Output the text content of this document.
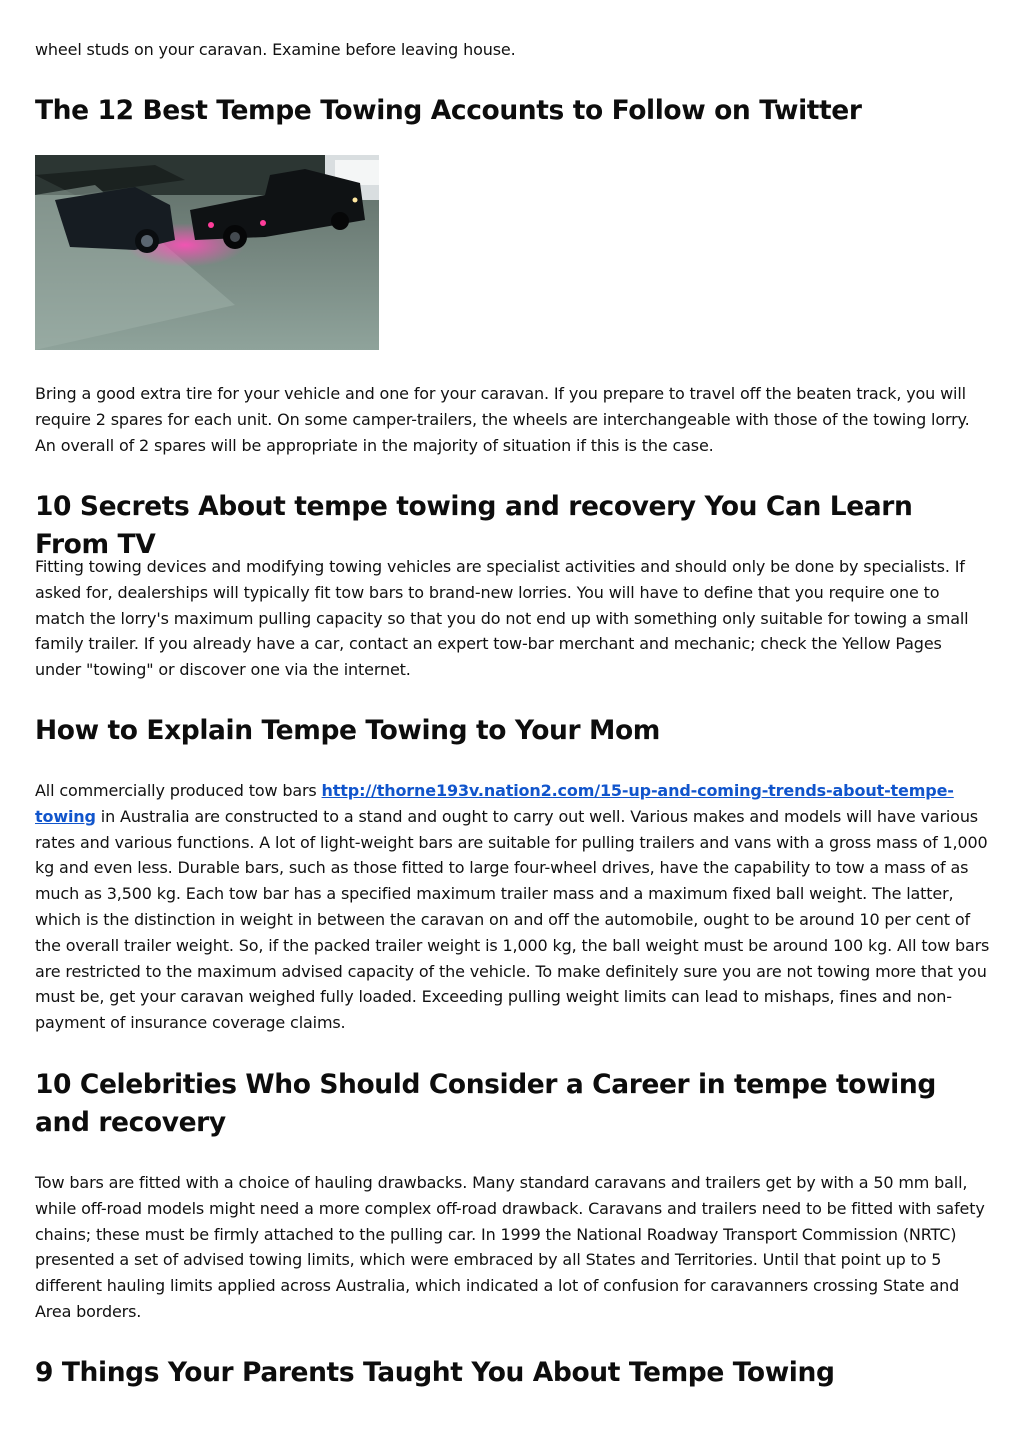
wheel studs on your caravan. Examine before leaving house.

The 12 Best Tempe Towing Accounts to Follow on Twitter

Bring a good extra tire for your vehicle and one for your caravan. If you prepare to travel off the beaten track, you will require 2 spares for each unit. On some camper-trailers, the wheels are interchangeable with those of the towing lorry. An overall of 2 spares will be appropriate in the majority of situation if this is the case.

10 Secrets About tempe towing and recovery You Can Learn From TV

Fitting towing devices and modifying towing vehicles are specialist activities and should only be done by specialists. If asked for, dealerships will typically fit tow bars to brand-new lorries. You will have to define that you require one to match the lorry's maximum pulling capacity so that you do not end up with something only suitable for towing a small family trailer. If you already have a car, contact an expert tow-bar merchant and mechanic; check the Yellow Pages under "towing" or discover one via the internet.

How to Explain Tempe Towing to Your Mom

All commercially produced tow bars http://thorne193v.nation2.com/15-up-and-coming-trends-about-tempe-towing in Australia are constructed to a stand and ought to carry out well. Various makes and models will have various rates and various functions. A lot of light-weight bars are suitable for pulling trailers and vans with a gross mass of 1,000 kg and even less. Durable bars, such as those fitted to large four-wheel drives, have the capability to tow a mass of as much as 3,500 kg. Each tow bar has a specified maximum trailer mass and a maximum fixed ball weight. The latter, which is the distinction in weight in between the caravan on and off the automobile, ought to be around 10 per cent of the overall trailer weight. So, if the packed trailer weight is 1,000 kg, the ball weight must be around 100 kg. All tow bars are restricted to the maximum advised capacity of the vehicle. To make definitely sure you are not towing more that you must be, get your caravan weighed fully loaded. Exceeding pulling weight limits can lead to mishaps, fines and non-payment of insurance coverage claims.

10 Celebrities Who Should Consider a Career in tempe towing and recovery

Tow bars are fitted with a choice of hauling drawbacks. Many standard caravans and trailers get by with a 50 mm ball, while off-road models might need a more complex off-road drawback. Caravans and trailers need to be fitted with safety chains; these must be firmly attached to the pulling car. In 1999 the National Roadway Transport Commission (NRTC) presented a set of advised towing limits, which were embraced by all States and Territories. Until that point up to 5 different hauling limits applied across Australia, which indicated a lot of confusion for caravanners crossing State and Area borders.

9 Things Your Parents Taught You About Tempe Towing
